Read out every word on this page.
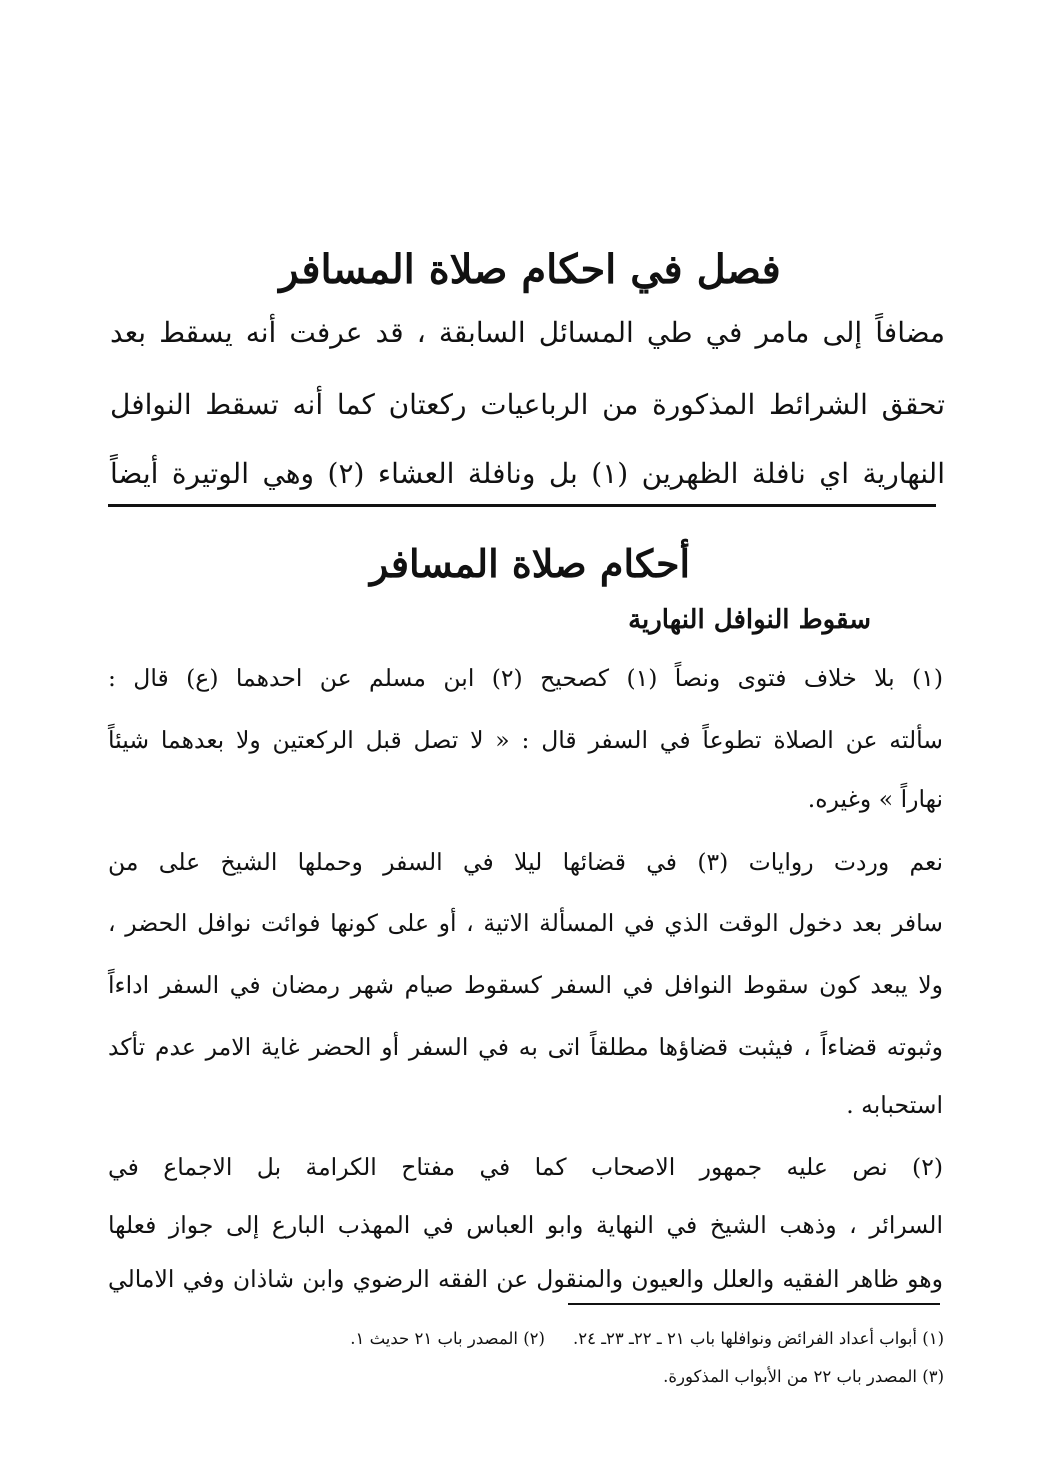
فصل في احكام صلاة المسافر

مضافاً إلى مامر في طي المسائل السابقة ، قد عرفت أنه يسقط بعد

تحقق الشرائط المذكورة من الرباعيات ركعتان كما أنه تسقط النوافل

النهارية اي نافلة الظهرين (١) بل ونافلة العشاء (٢) وهي الوتيرة أيضاً

أحكام صلاة المسافر
سقوط النوافل النهارية

(١) بلا خلاف فتوى ونصاً (١) كصحيح (٢) ابن مسلم عن احدهما (ع) قال :

سألته عن الصلاة تطوعاً في السفر قال : « لا تصل قبل الركعتين ولا بعدهما شيئاً

نهاراً » وغيره.

نعم وردت روايات (٣) في قضائها ليلا في السفر وحملها الشيخ على من

سافر بعد دخول الوقت الذي في المسألة الاتية ، أو على كونها فوائت نوافل الحضر ،

ولا يبعد كون سقوط النوافل في السفر كسقوط صيام شهر رمضان في السفر اداءاً

وثبوته قضاءاً ، فيثبت قضاؤها مطلقاً اتى به في السفر أو الحضر غاية الامر عدم تأكد

استحبابه .

(٢) نص عليه جمهور الاصحاب كما في مفتاح الكرامة بل الاجماع في

السرائر ، وذهب الشيخ في النهاية وابو العباس في المهذب البارع إلى جواز فعلها

وهو ظاهر الفقيه والعلل والعيون والمنقول عن الفقه الرضوي وابن شاذان وفي الامالي

(١) أبواب أعداد الفرائض ونوافلها باب ٢١ ـ ٢٢ـ ٢٣ـ ٢٤.(٢) المصدر باب ٢١ حديث ١.

(٣) المصدر باب ٢٢ من الأبواب المذكورة.
